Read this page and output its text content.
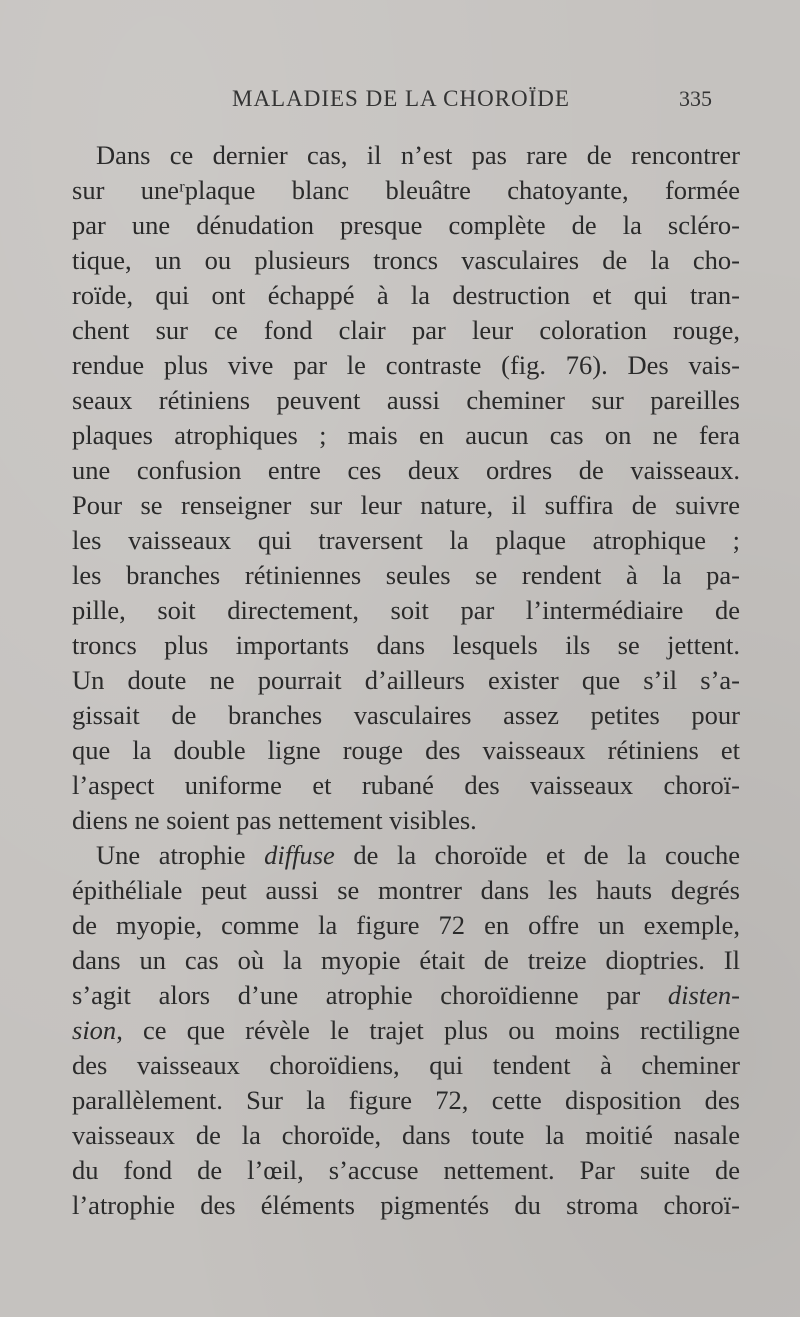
MALADIES DE LA CHOROÏDE	335
Dans ce dernier cas, il n’est pas rare de rencontrer
sur uneʳplaque blanc bleuâtre chatoyante, formée
par une dénudation presque complète de la scléro-
tique, un ou plusieurs troncs vasculaires de la cho-
roïde, qui ont échappé à la destruction et qui tran-
chent sur ce fond clair par leur coloration rouge,
rendue plus vive par le contraste (fig. 76). Des vais-
seaux rétiniens peuvent aussi cheminer sur pareilles
plaques atrophiques ; mais en aucun cas on ne fera
une confusion entre ces deux ordres de vaisseaux.
Pour se renseigner sur leur nature, il suffira de suivre
les vaisseaux qui traversent la plaque atrophique ;
les branches rétiniennes seules se rendent à la pa-
pille, soit directement, soit par l’intermédiaire de
troncs plus importants dans lesquels ils se jettent.
Un doute ne pourrait d’ailleurs exister que s’il s’a-
gissait de branches vasculaires assez petites pour
que la double ligne rouge des vaisseaux rétiniens et
l’aspect uniforme et rubané des vaisseaux choroï-
diens ne soient pas nettement visibles.
Une atrophie diffuse de la choroïde et de la couche
épithéliale peut aussi se montrer dans les hauts degrés
de myopie, comme la figure 72 en offre un exemple,
dans un cas où la myopie était de treize dioptries. Il
s’agit alors d’une atrophie choroïdienne par disten-
sion, ce que révèle le trajet plus ou moins rectiligne
des vaisseaux choroïdiens, qui tendent à cheminer
parallèlement. Sur la figure 72, cette disposition des
vaisseaux de la choroïde, dans toute la moitié nasale
du fond de l’œil, s’accuse nettement. Par suite de
l’atrophie des éléments pigmentés du stroma choroï-
